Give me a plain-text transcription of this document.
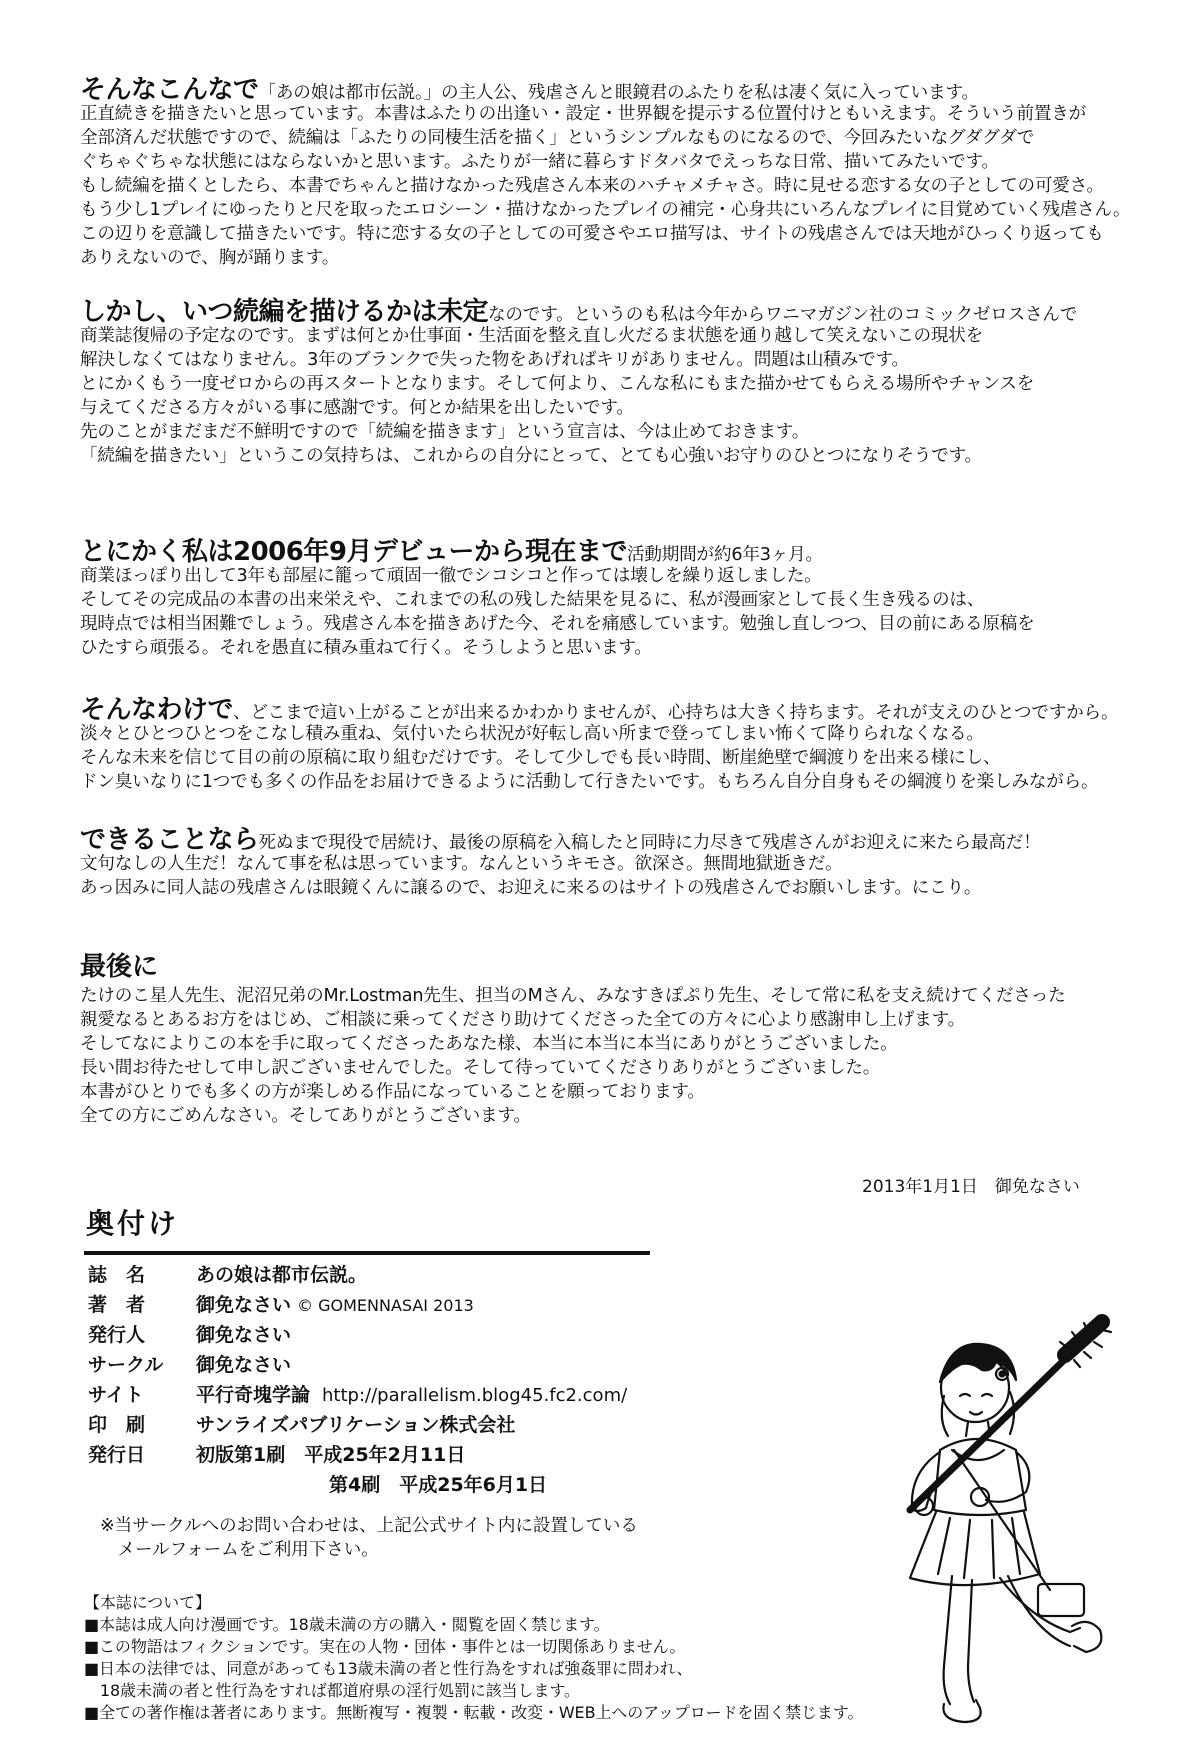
そんなこんなで「あの娘は都市伝説。」の主人公、残虐さんと眼鏡君のふたりを私は凄く気に入っています。
正直続きを描きたいと思っています。本書はふたりの出逢い・設定・世界観を提示する位置付けともいえます。そういう前置きが
全部済んだ状態ですので、続編は「ふたりの同棲生活を描く」というシンプルなものになるので、今回みたいなグダグダで
ぐちゃぐちゃな状態にはならないかと思います。ふたりが一緒に暮らすドタバタでえっちな日常、描いてみたいです。
もし続編を描くとしたら、本書でちゃんと描けなかった残虐さん本来のハチャメチャさ。時に見せる恋する女の子としての可愛さ。
もう少し1プレイにゆったりと尺を取ったエロシーン・描けなかったプレイの補完・心身共にいろんなプレイに目覚めていく残虐さん。
この辺りを意識して描きたいです。特に恋する女の子としての可愛さやエロ描写は、サイトの残虐さんでは天地がひっくり返っても
ありえないので、胸が踊ります。
しかし、いつ続編を描けるかは未定なのです。というのも私は今年からワニマガジン社のコミックゼロスさんで
商業誌復帰の予定なのです。まずは何とか仕事面・生活面を整え直し火だるま状態を通り越して笑えないこの現状を
解決しなくてはなりません。3年のブランクで失った物をあげればキリがありません。問題は山積みです。
とにかくもう一度ゼロからの再スタートとなります。そして何より、こんな私にもまた描かせてもらえる場所やチャンスを
与えてくださる方々がいる事に感謝です。何とか結果を出したいです。
先のことがまだまだ不鮮明ですので「続編を描きます」という宣言は、今は止めておきます。
「続編を描きたい」というこの気持ちは、これからの自分にとって、とても心強いお守りのひとつになりそうです。
とにかく私は2006年9月デビューから現在まで活動期間が約6年3ヶ月。
商業ほっぽり出して3年も部屋に籠って頑固一徹でシコシコと作っては壊しを繰り返しました。
そしてその完成品の本書の出来栄えや、これまでの私の残した結果を見るに、私が漫画家として長く生き残るのは、
現時点では相当困難でしょう。残虐さん本を描きあげた今、それを痛感しています。勉強し直しつつ、目の前にある原稿を
ひたすら頑張る。それを愚直に積み重ねて行く。そうしようと思います。
そんなわけで、どこまで這い上がることが出来るかわかりませんが、心持ちは大きく持ちます。それが支えのひとつですから。
淡々とひとつひとつをこなし積み重ね、気付いたら状況が好転し高い所まで登ってしまい怖くて降りられなくなる。
そんな未来を信じて目の前の原稿に取り組むだけです。そして少しでも長い時間、断崖絶壁で綱渡りを出来る様にし、
ドン臭いなりに1つでも多くの作品をお届けできるように活動して行きたいです。もちろん自分自身もその綱渡りを楽しみながら。
できることなら死ぬまで現役で居続け、最後の原稿を入稿したと同時に力尽きて残虐さんがお迎えに来たら最高だ！
文句なしの人生だ！なんて事を私は思っています。なんというキモさ。欲深さ。無間地獄逝きだ。
あっ因みに同人誌の残虐さんは眼鏡くんに譲るので、お迎えに来るのはサイトの残虐さんでお願いします。にこり。
最後に
たけのこ星人先生、泥沼兄弟のMr.Lostman先生、担当のMさん、みなすきぽぷり先生、そして常に私を支え続けてくださった
親愛なるとあるお方をはじめ、ご相談に乗ってくださり助けてくださった全ての方々に心より感謝申し上げます。
そしてなによりこの本を手に取ってくださったあなた様、本当に本当に本当にありがとうございました。
長い間お待たせして申し訳ございませんでした。そして待っていてくださりありがとうございました。
本書がひとりでも多くの方が楽しめる作品になっていることを願っております。
全ての方にごめんなさい。そしてありがとうございます。
2013年1月1日　御免なさい
奥付け
誌　名	あの娘は都市伝説。
著　者	御免なさい © GOMENNASAI 2013
発行人	御免なさい
サークル 御免なさい
サイト	平行奇塊学論 http://parallelism.blog45.fc2.com/
印　刷	サンライズパブリケーション株式会社
発行日	初版第1刷　平成25年2月11日
第4刷　平成25年6月1日
※当サークルへのお問い合わせは、上記公式サイト内に設置している
　メールフォームをご利用下さい。
【本誌について】
■本誌は成人向け漫画です。18歳未満の方の購入・閲覧を固く禁じます。
■この物語はフィクションです。実在の人物・団体・事件とは一切関係ありません。
■日本の法律では、同意があっても13歳未満の者と性行為をすれば強姦罪に問われ、
　18歳未満の者と性行為をすれば都道府県の淫行処罰に該当します。
■全ての著作権は著者にあります。無断複写・複製・転載・改変・WEB上へのアップロードを固く禁じます。
